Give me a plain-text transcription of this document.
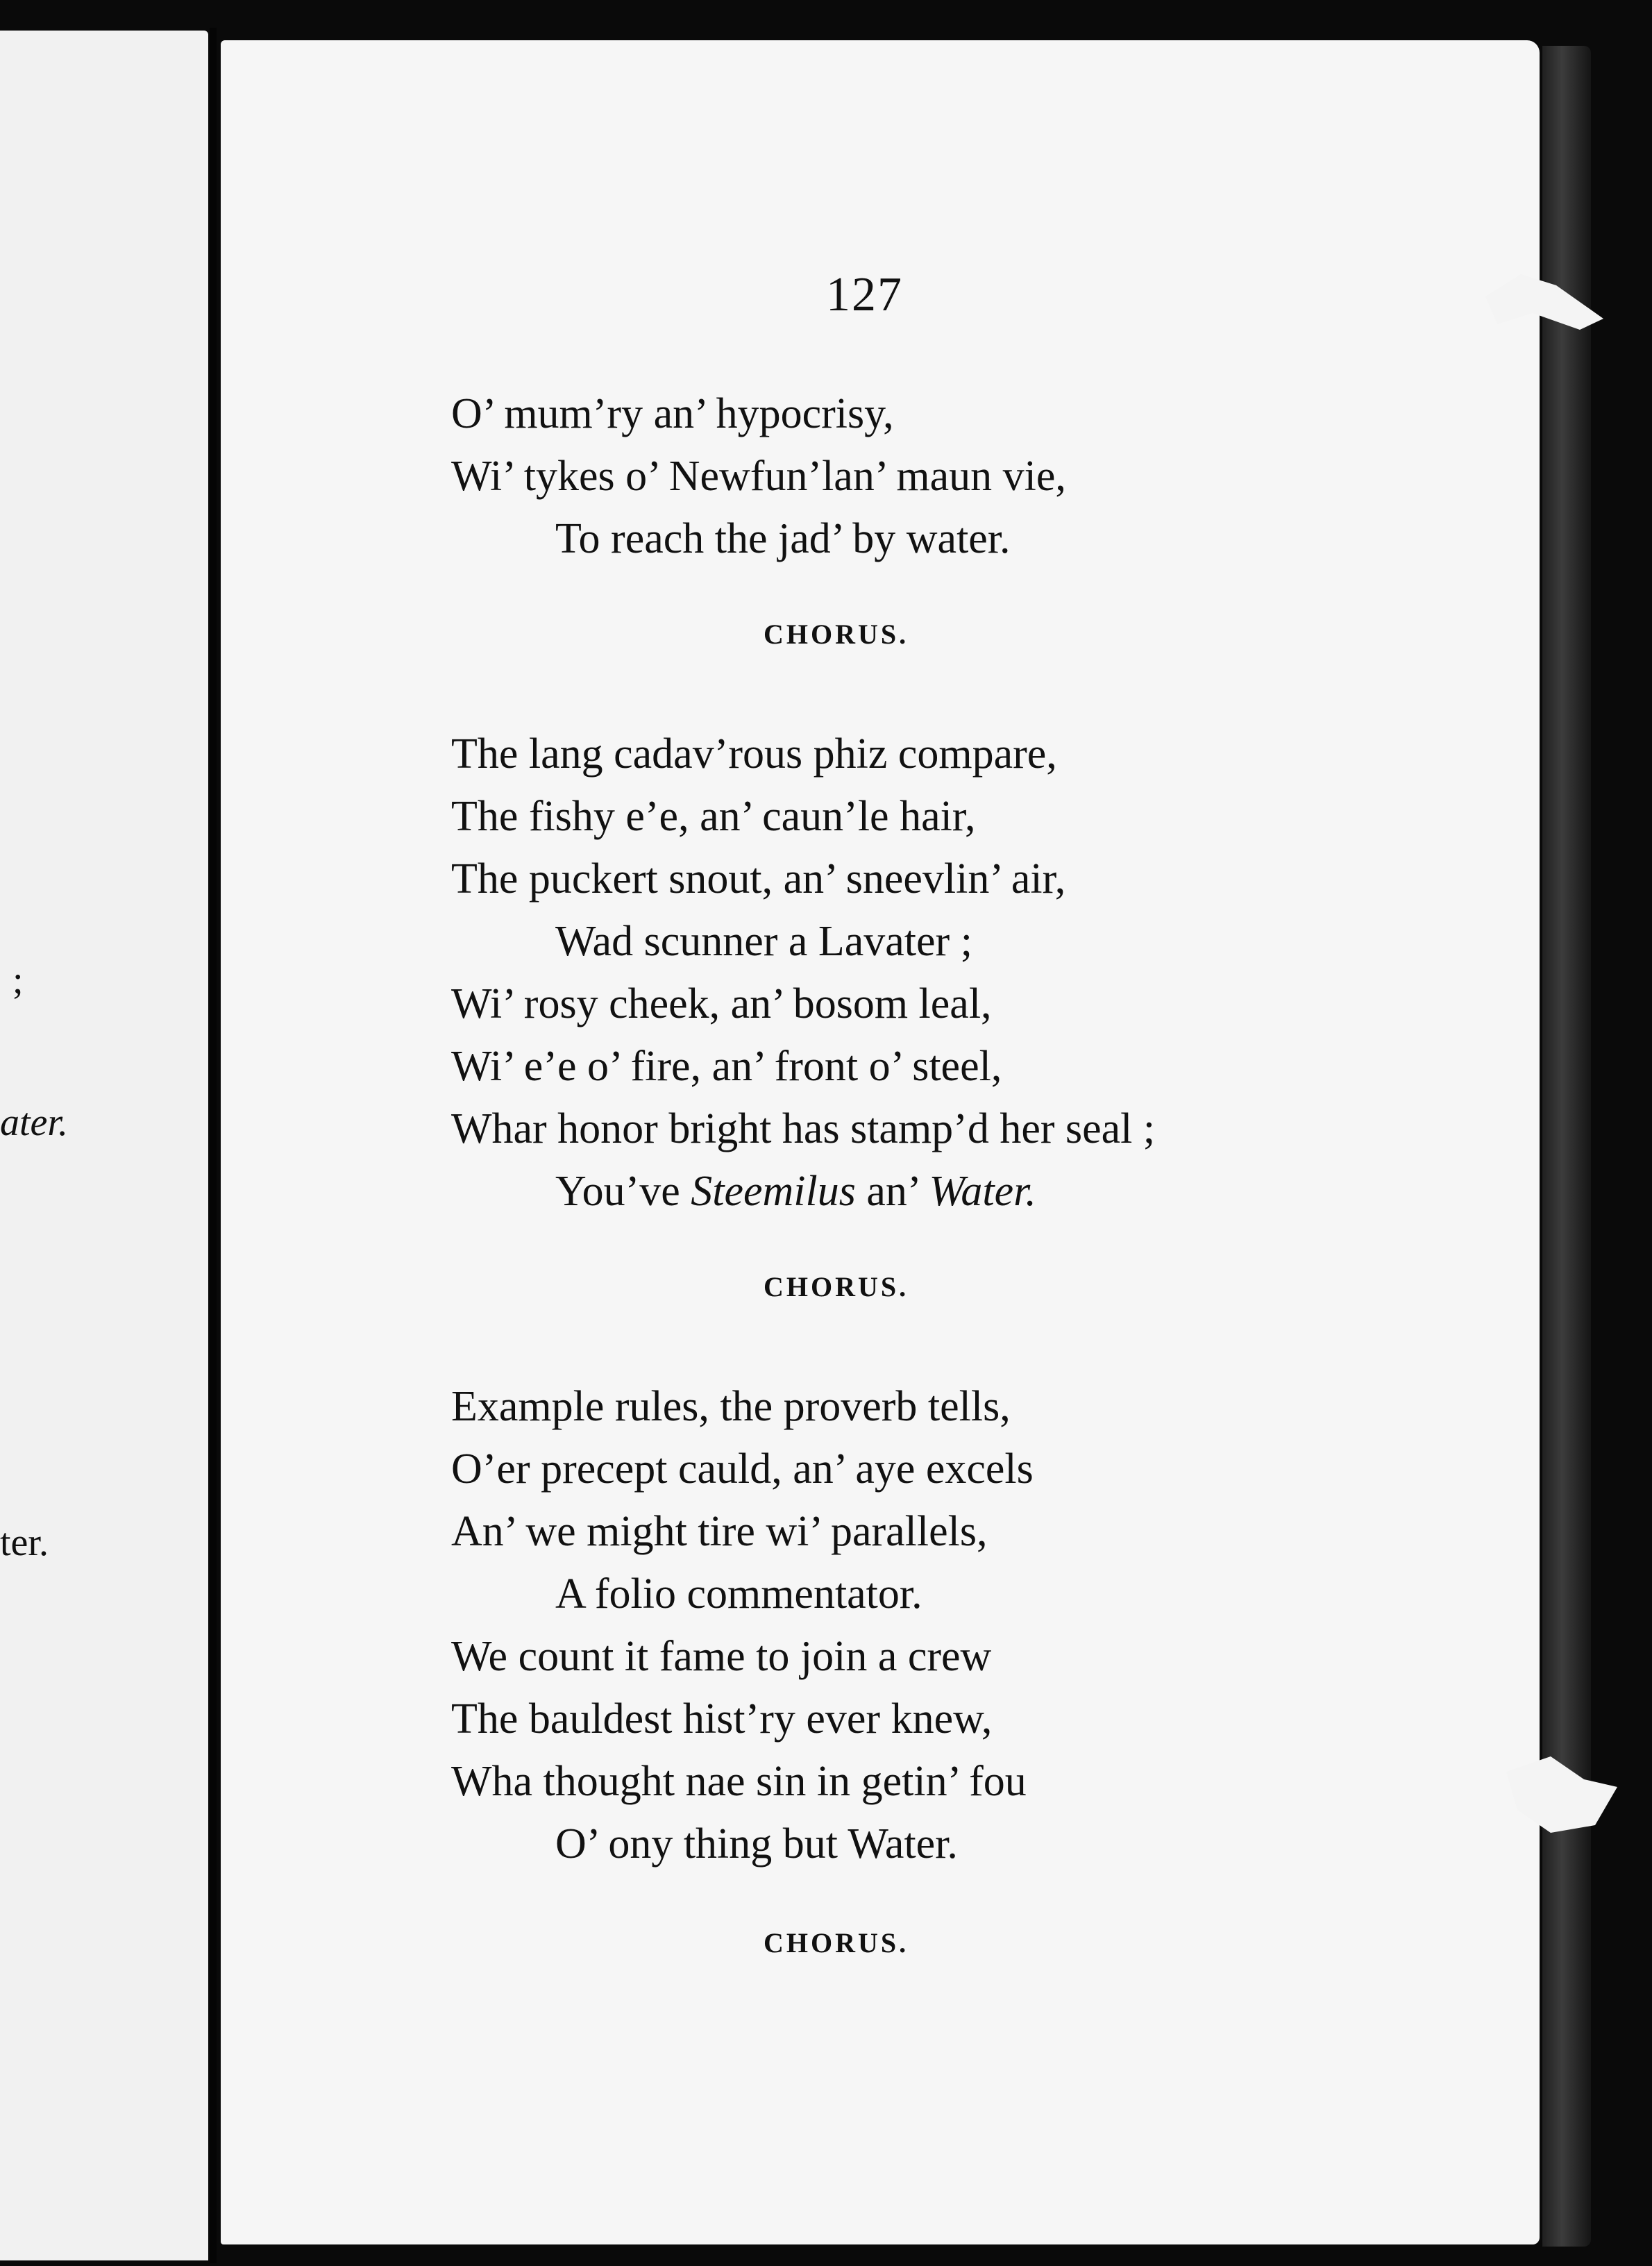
;
ater.
ter.
127
O’ mum’ry an’ hypocrisy,
Wi’ tykes o’ Newfun’lan’ maun vie,
To reach the jad’ by water.
CHORUS.
The lang cadav’rous phiz compare,
The fishy e’e, an’ caun’le hair,
The puckert snout, an’ sneevlin’ air,
Wad scunner a Lavater ;
Wi’ rosy cheek, an’ bosom leal,
Wi’ e’e o’ fire, an’ front o’ steel,
Whar honor bright has stamp’d her seal ;
You’ve Steemilus an’ Water.
CHORUS.
Example rules, the proverb tells,
O’er precept cauld, an’ aye excels
An’ we might tire wi’ parallels,
A folio commentator.
We count it fame to join a crew
The bauldest hist’ry ever knew,
Wha thought nae sin in getin’ fou
O’ ony thing but Water.
CHORUS.
